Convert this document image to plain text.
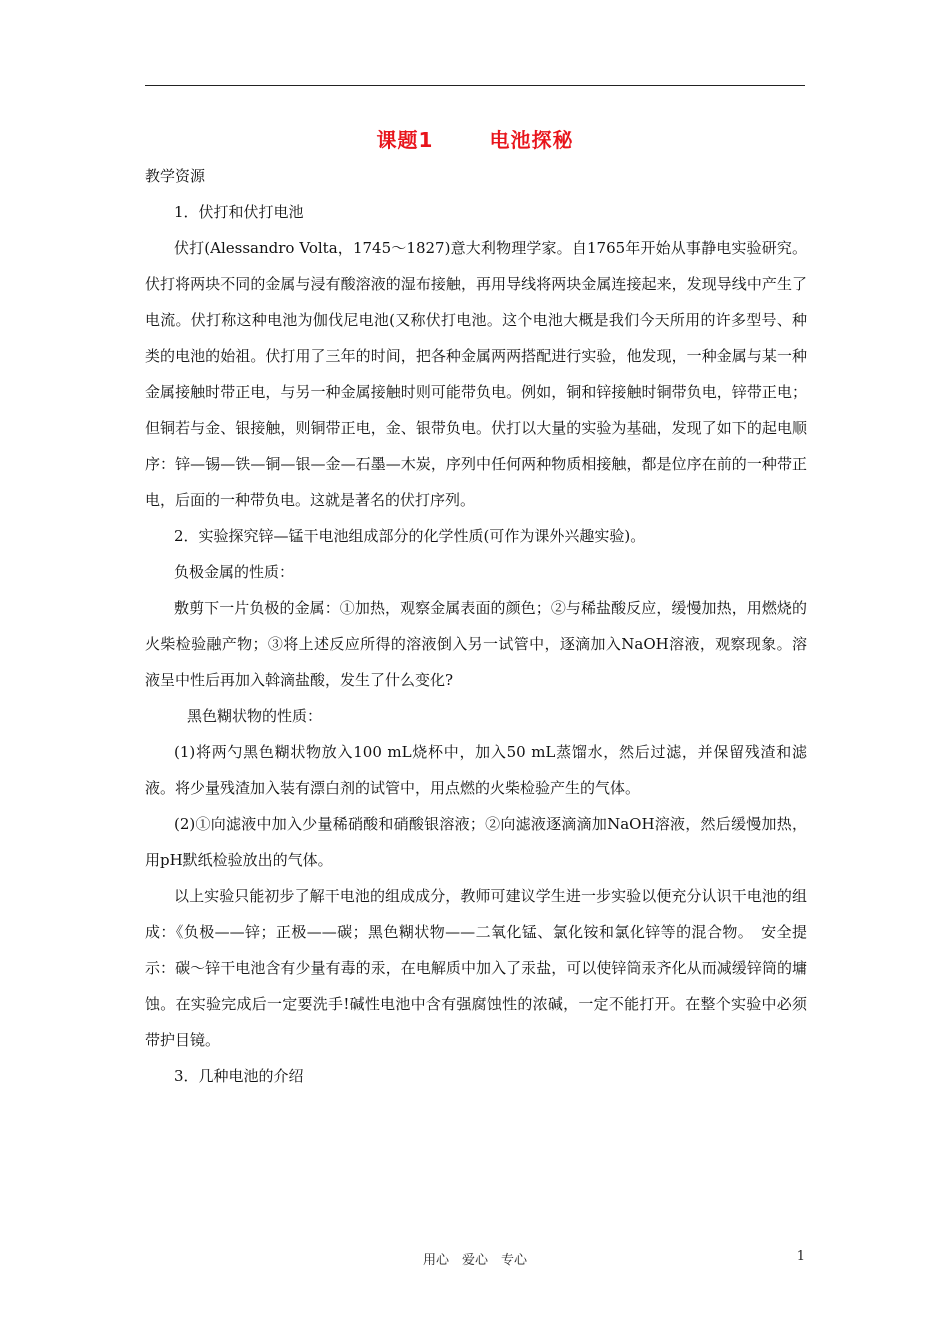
课题1	电池探秘

教学资源

1．伏打和伏打电池

伏打(Alessandro Volta，1745～1827)意大利物理学家。自1765年开始从事静电实验研究。伏打将两块不同的金属与浸有酸溶液的湿布接触，再用导线将两块金属连接起来，发现导线中产生了电流。伏打称这种电池为伽伐尼电池(又称伏打电池。这个电池大概是我们今天所用的许多型号、种类的电池的始祖。伏打用了三年的时间，把各种金属两两搭配进行实验，他发现，一种金属与某一种金属接触时带正电，与另一种金属接触时则可能带负电。例如，铜和锌接触时铜带负电，锌带正电；但铜若与金、银接触，则铜带正电，金、银带负电。伏打以大量的实验为基础，发现了如下的起电顺序：锌—锡—铁—铜—银—金—石墨—木炭，序列中任何两种物质相接触，都是位序在前的一种带正电，后面的一种带负电。这就是著名的伏打序列。

2．实验探究锌—锰干电池组成部分的化学性质(可作为课外兴趣实验)。

负极金属的性质：

敷剪下一片负极的金属：①加热，观察金属表面的颜色；②与稀盐酸反应，缓慢加热，用燃烧的火柴检验融产物；③将上述反应所得的溶液倒入另一试管中，逐滴加入NaOH溶液，观察现象。溶液呈中性后再加入斡滴盐酸，发生了什么变化?

黑色糊状物的性质：

(1)将两勺黑色糊状物放入100 mL烧杯中，加入50 mL蒸馏水，然后过滤，并保留残渣和滤液。将少量残渣加入装有漂白剂的试管中，用点燃的火柴检验产生的气体。

(2)①向滤液中加入少量稀硝酸和硝酸银溶液；②向滤液逐滴滴加NaOH溶液，然后缓慢加热，用pH默纸检验放出的气体。

以上实验只能初步了解干电池的组成成分，教师可建议学生进一步实验以便充分认识干电池的组成：《负极——锌；正极——碳；黑色糊状物——二氧化锰、氯化铵和氯化锌等的混合物。　安全提示：碳～锌干电池含有少量有毒的汞，在电解质中加入了汞盐，可以使锌筒汞齐化从而减缓锌筒的墉蚀。在实验完成后一定要洗手!碱性电池中含有强腐蚀性的浓碱，一定不能打开。在整个实验中必须带护目镜。

3．几种电池的介绍

用心　爱心　专心	1
